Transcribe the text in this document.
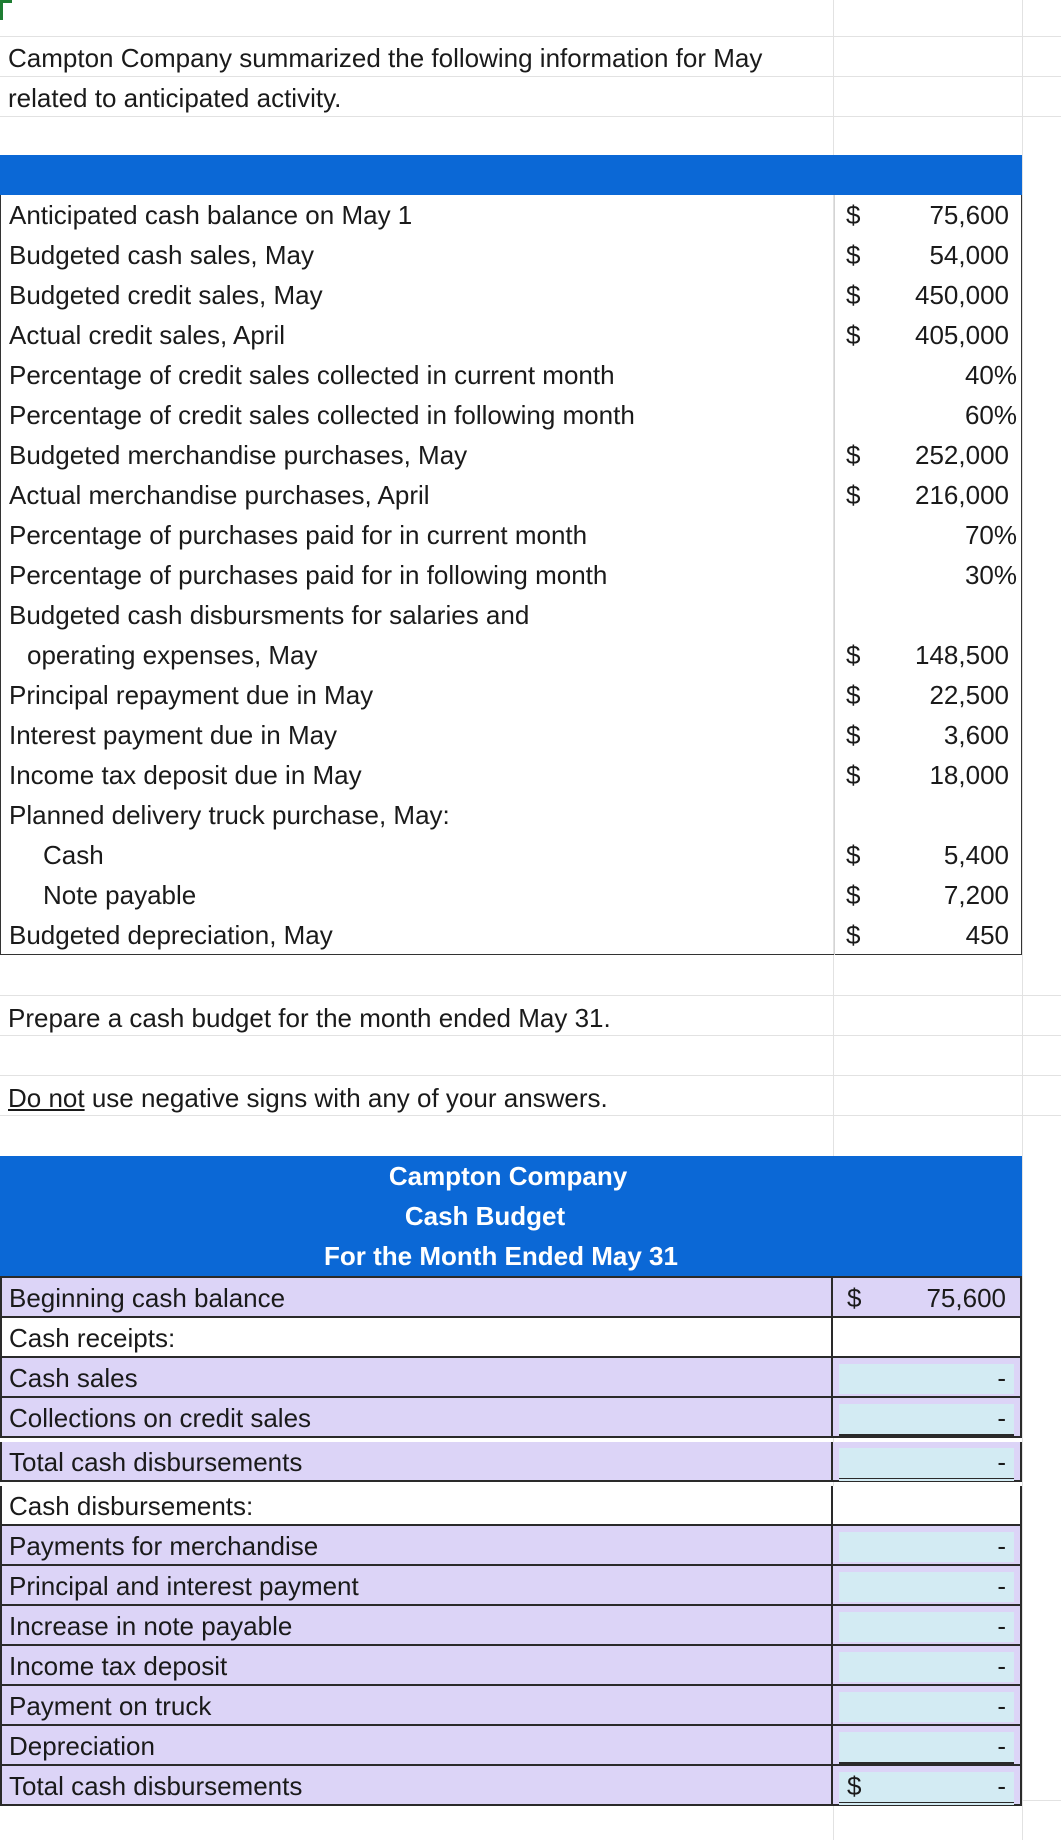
Campton Company summarized the following information for May
related to anticipated activity.
Anticipated cash balance on May 1	$	75,600
Budgeted cash sales, May	$	54,000
Budgeted credit sales, May	$ 450,000
Actual credit sales, April	$ 405,000
Percentage of credit sales collected in current month	40%
Percentage of credit sales collected in following month	60%
Budgeted merchandise purchases, May	$ 252,000
Actual merchandise purchases, April	$ 216,000
Percentage of purchases paid for in current month	70%
Percentage of purchases paid for in following month	30%
Budgeted cash disbursments for salaries and
operating expenses, May	$ 148,500
Principal repayment due in May	$	22,500
Interest payment due in May	$	3,600
Income tax deposit due in May	$	18,000
Planned delivery truck purchase, May:
Cash	$	5,400
Note payable	$	7,200
Budgeted depreciation, May	$	450
Prepare a cash budget for the month ended May 31.
Do not use negative signs with any of your answers.
Campton Company
Cash Budget
For the Month Ended May 31
Beginning cash balance	$	75,600
Cash receipts:
Cash sales	-
Collections on credit sales	-
Total cash disbursements	-
Cash disbursements:
Payments for merchandise	-
Principal and interest payment	-
Increase in note payable	-
Income tax deposit	-
Payment on truck	-
Depreciation	-
Total cash disbursements	$	-
